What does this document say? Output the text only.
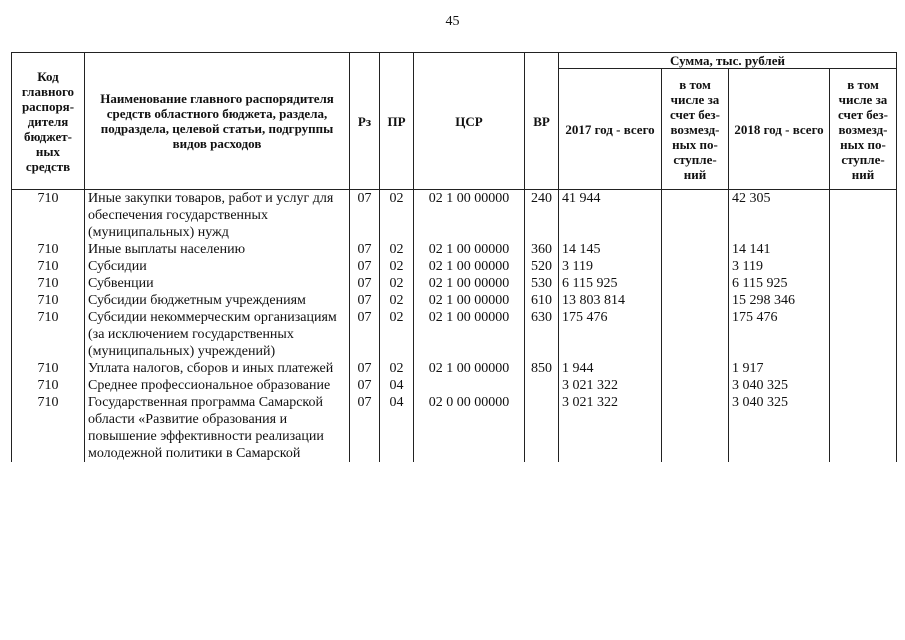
45
Код главного распоря-дителя бюджет-ных средств	Наименование главного распорядителя средств областного бюджета, раздела, подраздела, целевой статьи, подгруппы видов расходов	Рз	ПР	ЦСР	ВР	Сумма, тыс. рублей			
						2017 год - всего	в том числе за счет без-возмезд-ных по-ступле-ний	2018 год - всего	в том числе за счет без-возмезд-ных по-ступле-ний
710	Иные закупки товаров, работ и услуг для обеспечения государственных (муниципальных) нужд	07	02	02 1 00 00000	240	41 944		42 305	
710	Иные выплаты населению	07	02	02 1 00 00000	360	14 145		14 141	
710	Субсидии	07	02	02 1 00 00000	520	3 119		3 119	
710	Субвенции	07	02	02 1 00 00000	530	6 115 925		6 115 925	
710	Субсидии бюджетным учреждениям	07	02	02 1 00 00000	610	13 803 814		15 298 346	
710	Субсидии некоммерческим организациям (за исключением государственных (муниципальных) учреждений)	07	02	02 1 00 00000	630	175 476		175 476	
710	Уплата налогов, сборов и иных платежей	07	02	02 1 00 00000	850	1 944		1 917	
710	Среднее профессиональное образование	07	04			3 021 322		3 040 325	
710	Государственная программа Самарской области «Развитие образования и повышение эффективности реализации молодежной политики в Самарской	07	04	02 0 00 00000		3 021 322		3 040 325	
